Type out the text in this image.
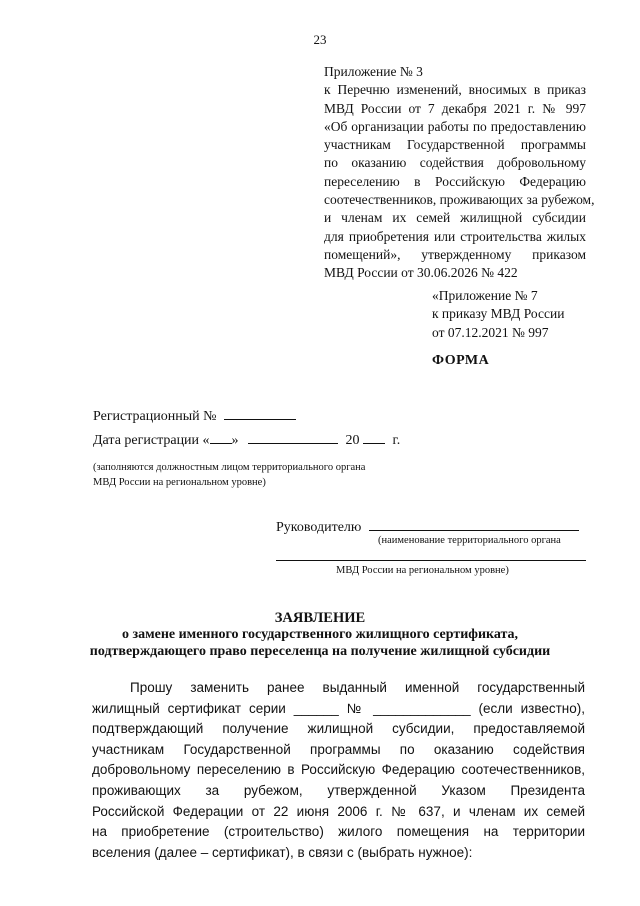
23
Приложение № 3
к Перечню изменений, вносимых в приказ
МВД России от 7 декабря 2021 г. № 997
«Об организации работы по предоставлению
участникам Государственной программы
по оказанию содействия добровольному
переселению в Российскую Федерацию
соотечественников, проживающих за рубежом,
и членам их семей жилищной субсидии
для приобретения или строительства жилых
помещений», утвержденному приказом
МВД России от 30.06.2026 № 422
«Приложение № 7
к приказу МВД России
от 07.12.2021 № 997
ФОРМА
Регистрационный №
Дата регистрации « »	20 г.
(заполняются должностным лицом территориального органа
МВД России на региональном уровне)
Руководителю
(наименование территориального органа
МВД России на региональном уровне)
ЗАЯВЛЕНИЕ
о замене именного государственного жилищного сертификата,
подтверждающего право переселенца на получение жилищной субсидии
Прошу заменить ранее выданный именной государственный
жилищный сертификат серии ______ № _____________ (если известно),
подтверждающий получение жилищной субсидии, предоставляемой
участникам Государственной программы по оказанию содействия
добровольному переселению в Российскую Федерацию соотечественников,
проживающих за рубежом, утвержденной Указом Президента
Российской Федерации от 22 июня 2006 г. № 637, и членам их семей
на приобретение (строительство) жилого помещения на территории
вселения (далее – сертификат), в связи с (выбрать нужное):
